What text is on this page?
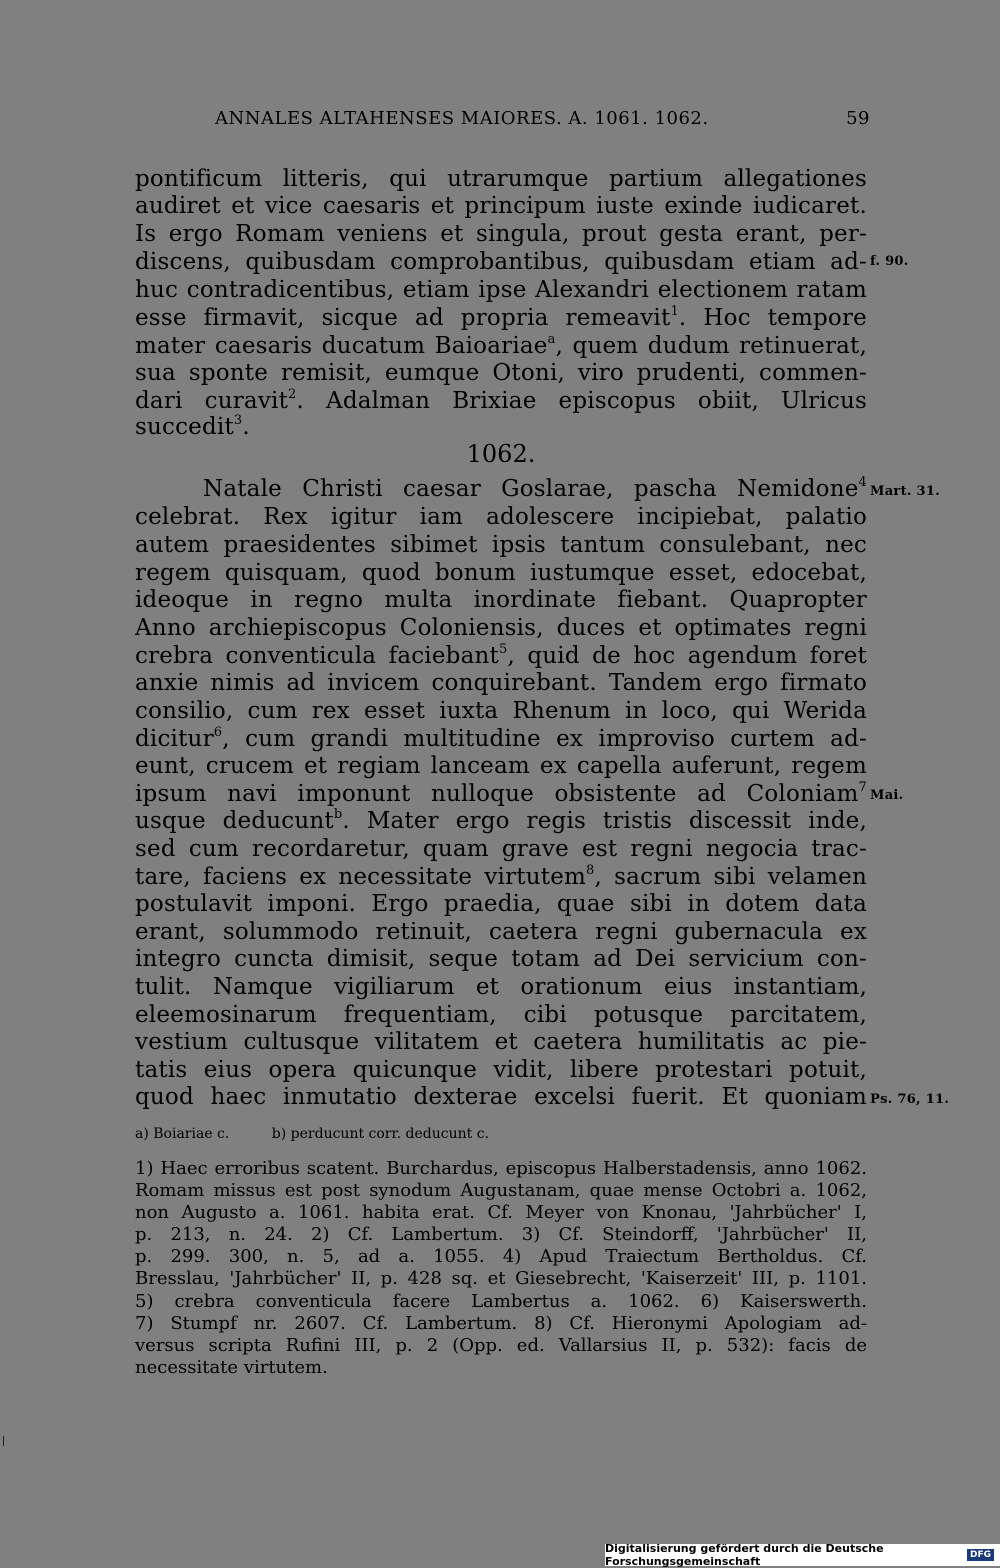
ANNALES ALTAHENSES MAIORES. A. 1061. 1062.	59
pontificum litteris, qui utrarumque partium allegationes
audiret et vice caesaris et principum iuste exinde iudicaret.
Is ergo Romam veniens et singula, prout gesta erant, per-
discens, quibusdam comprobantibus, quibusdam etiam ad-
huc contradicentibus, etiam ipse Alexandri electionem ratam
esse firmavit, sicque ad propria remeavit$^1$. Hoc tempore
mater caesaris ducatum Baioariae$^a$, quem dudum retinuerat,
sua sponte remisit, eumque Otoni, viro prudenti, commen-
dari curavit$^2$. Adalman Brixiae episcopus obiit, Ulricus
succedit$^3$.
f. 90.
1062.
Natale Christi caesar Goslarae, pascha Nemidone$^4$
Mart. 31.
celebrat. Rex igitur iam adolescere incipiebat, palatio
autem praesidentes sibimet ipsis tantum consulebant, nec
regem quisquam, quod bonum iustumque esset, edocebat,
ideoque in regno multa inordinate fiebant. Quapropter
Anno archiepiscopus Coloniensis, duces et optimates regni
crebra conventicula faciebant$^5$, quid de hoc agendum foret
anxie nimis ad invicem conquirebant. Tandem ergo firmato
consilio, cum rex esset iuxta Rhenum in loco, qui Werida
dicitur$^6$, cum grandi multitudine ex improviso curtem ad-
eunt, crucem et regiam lanceam ex capella auferunt, regem
ipsum navi imponunt nulloque obsistente ad Coloniam$^7$
Mai.
usque deducunt$^b$. Mater ergo regis tristis discessit inde,
sed cum recordaretur, quam grave est regni negocia trac-
tare, faciens ex necessitate virtutem$^8$, sacrum sibi velamen
postulavit imponi. Ergo praedia, quae sibi in dotem data
erant, solummodo retinuit, caetera regni gubernacula ex
integro cuncta dimisit, seque totam ad Dei servicium con-
tulit. Namque vigiliarum et orationum eius instantiam,
eleemosinarum frequentiam, cibi potusque parcitatem,
vestium cultusque vilitatem et caetera humilitatis ac pie-
tatis eius opera quicunque vidit, libere protestari potuit,
quod haec inmutatio dexterae excelsi fuerit. Et quoniam Ps. 76, 11.
a) Boiariae c.	b) perducunt corr. deducunt c.
1) Haec erroribus scatent. Burchardus, episcopus Halberstadensis, anno 1062.
Romam missus est post synodum Augustanam, quae mense Octobri a. 1062,
non Augusto a. 1061. habita erat. Cf. Meyer von Knonau, 'Jahrbücher' I,
p. 213, n. 24. 2) Cf. Lambertum. 3) Cf. Steindorff, 'Jahrbücher' II,
p. 299. 300, n. 5, ad a. 1055. 4) Apud Traiectum Bertholdus. Cf.
Bresslau, 'Jahrbücher' II, p. 428 sq. et Giesebrecht, 'Kaiserzeit' III, p. 1101.
5) crebra conventicula facere Lambertus a. 1062. 6) Kaiserswerth.
7) Stumpf nr. 2607. Cf. Lambertum. 8) Cf. Hieronymi Apologiam ad-
versus scripta Rufini III, p. 2 (Opp. ed. Vallarsius II, p. 532): facis de
necessitate virtutem.
Digitalisierung gefördert durch die Deutsche Forschungsgemeinschaft	DFG
